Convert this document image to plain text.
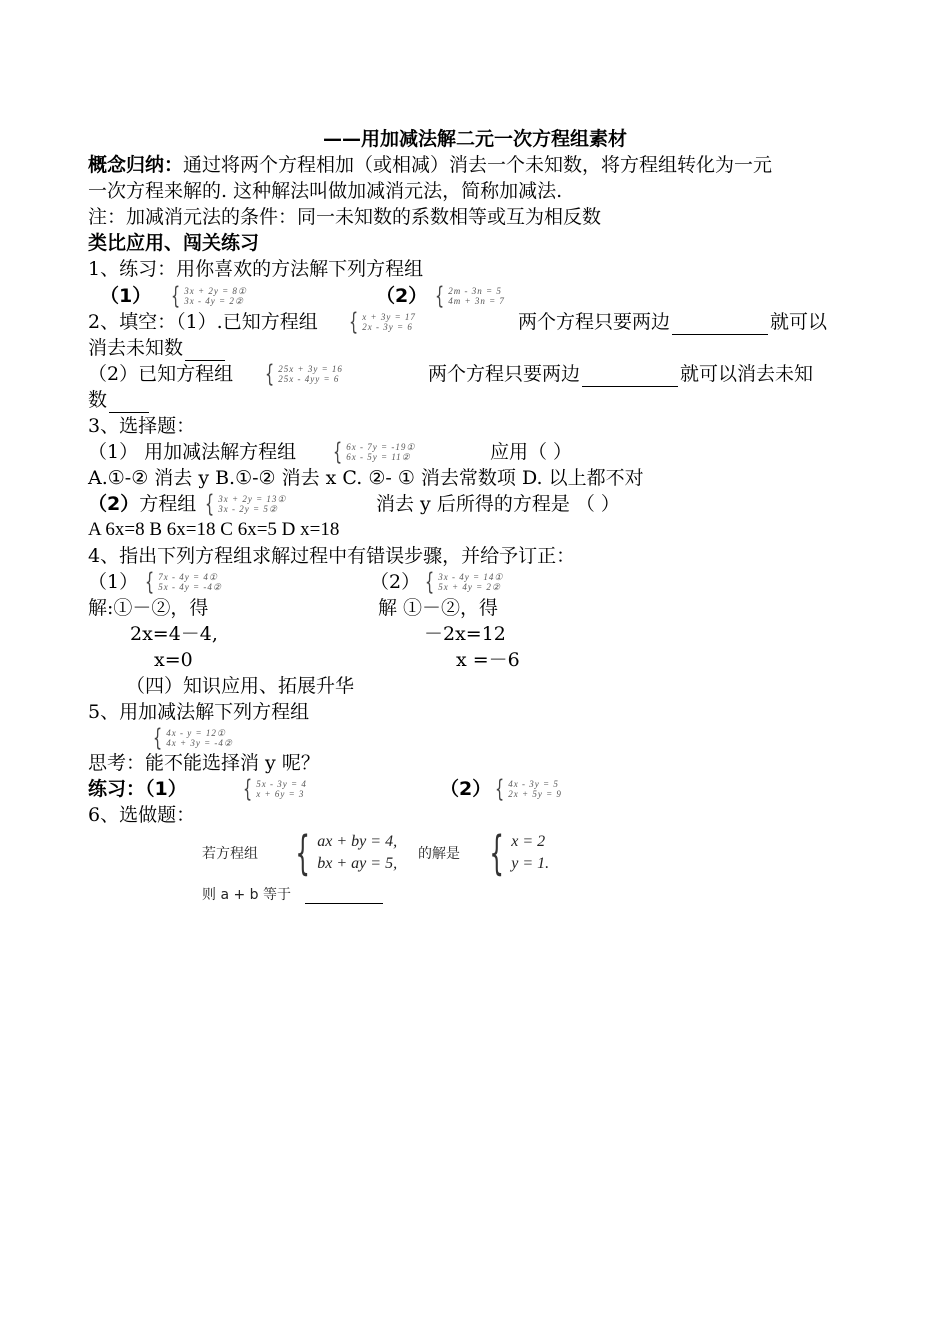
——用加减法解二元一次方程组素材
概念归纳：通过将两个方程相加（或相减）消去一个未知数，将方程组转化为一元
一次方程来解的. 这种解法叫做加减消元法，简称加减法.
注：加减消元法的条件：同一未知数的系数相等或互为相反数
类比应用、闯关练习
1、练习：用你喜欢的方法解下列方程组
（1） { 3x + 2y = 8①
3x - 4y = 2②	（2） { 2m - 3n = 5
4m + 3n = 7
2、填空：（1）.已知方程组 { x + 3y = 17
2x - 3y = 6	两个方程只要两边	就可以
消去未知数
（2）已知方程组 { 25x + 3y = 16
25x - 4yy = 6	两个方程只要两边	就可以消去未知
数
3、选择题：
（1） 用加减法解方程组 { 6x - 7y = -19①
6x - 5y = 11②	应用（ ）
A.①-② 消去 y B.①-② 消去 x C. ②- ① 消去常数项 D. 以上都不对
（2）方程组 { 3x + 2y = 13①
3x - 2y = 5②	消去 y 后所得的方程是 （ ）
A 6x=8 B 6x=18 C 6x=5 D x=18
4、指出下列方程组求解过程中有错误步骤，并给予订正：
（1） { 7x - 4y = 4①
5x - 4y = -4②	（2） { 3x - 4y = 14①
5x + 4y = 2②
解:①－②，得	解 ①－②，得
2x=4－4,	－2x=12
x=0	x =－6
（四）知识应用、拓展升华
5、用加减法解下列方程组
{ 4x - y = 12①
4x + 3y = -4②
思考：能不能选择消 y 呢？
练习：（1） { 5x - 3y = 4
x + 6y = 3	（2） { 4x - 3y = 5
2x + 5y = 9
6、选做题：
若方程组 { ax + by = 4,
bx + ay = 5,
的解是 { x = 2
y = 1.
则 a + b 等于
